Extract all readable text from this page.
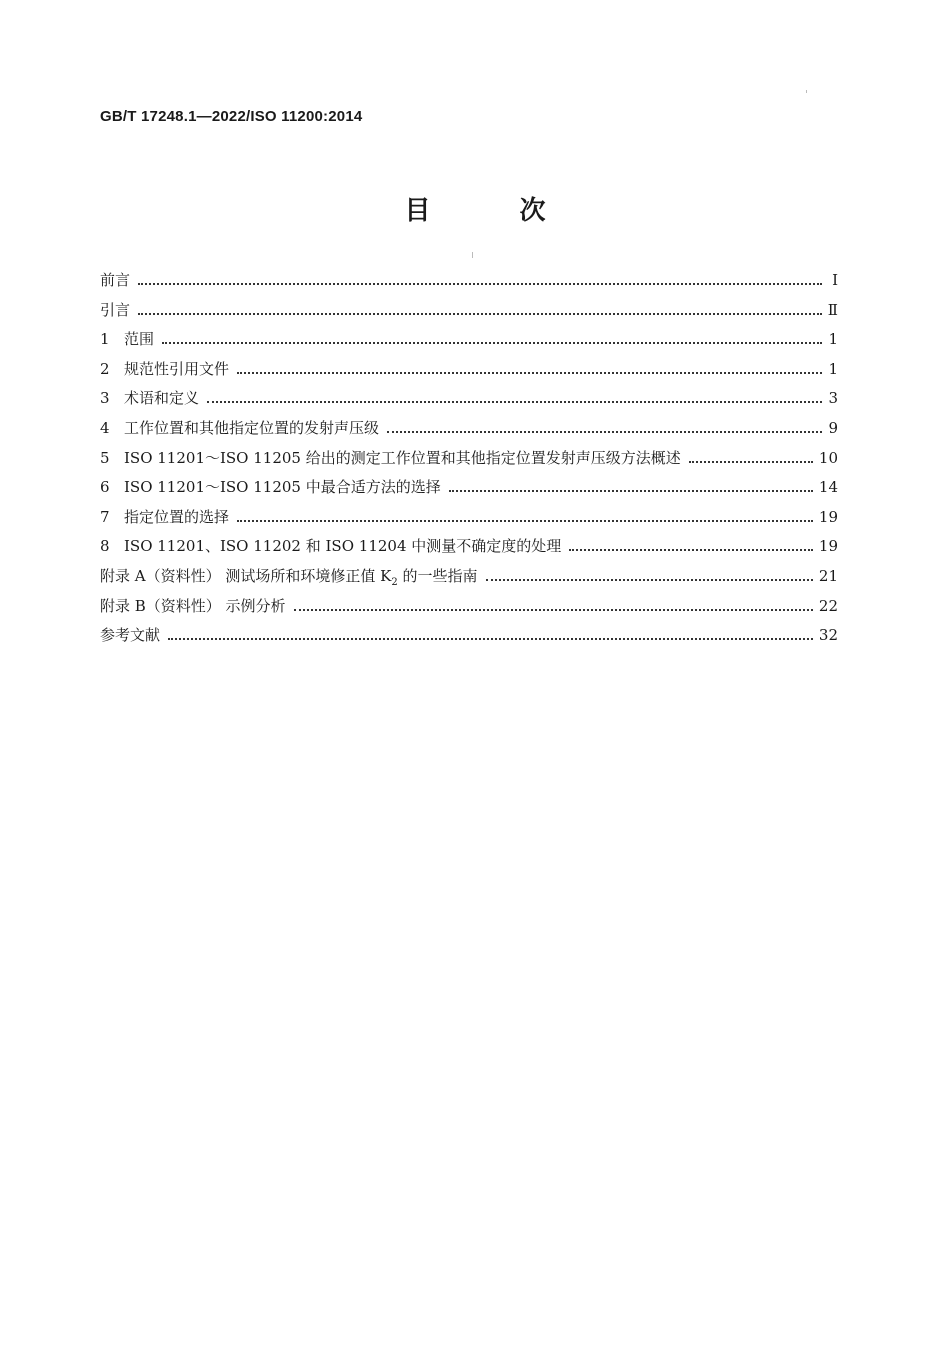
GB/T 17248.1—2022/ISO 11200:2014
目 次
前言	Ⅰ
引言	Ⅱ
1 范围	1
2 规范性引用文件	1
3 术语和定义	3
4 工作位置和其他指定位置的发射声压级	9
5 ISO 11201～ISO 11205 给出的测定工作位置和其他指定位置发射声压级方法概述	10
6 ISO 11201～ISO 11205 中最合适方法的选择	14
7 指定位置的选择	19
8 ISO 11201、ISO 11202 和 ISO 11204 中测量不确定度的处理	19
附录 A（资料性） 测试场所和环境修正值 $K_2$ 的一些指南	21
附录 B（资料性） 示例分析	22
参考文献	32
